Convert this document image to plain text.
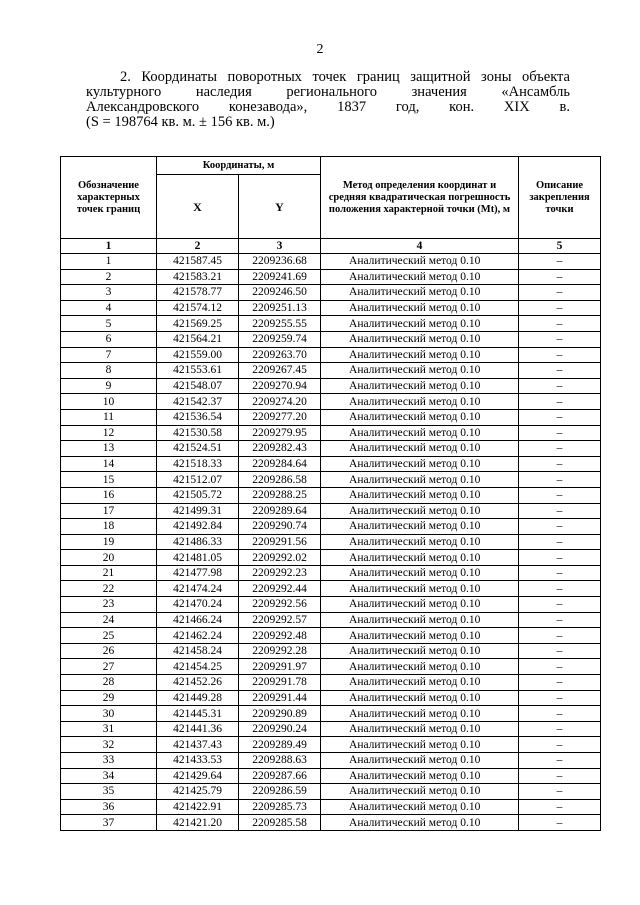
2
2. Координаты поворотных точек границ защитной зоны объекта
культурного наследия регионального значения «Ансамбль
Александровского конезавода», 1837 год, кон. XIX в.
(S = 198764 кв. м. ± 156 кв. м.)
Обозначение характерных точек границ	Координаты, м		Метод определения координат и средняя квадратическая погрешность положения характерной точки (Mt), м	Описание закрепления точки
	X	Y		
1	2	3	4	5
1	421587.45	2209236.68	Аналитический метод 0.10	–
2	421583.21	2209241.69	Аналитический метод 0.10	–
3	421578.77	2209246.50	Аналитический метод 0.10	–
4	421574.12	2209251.13	Аналитический метод 0.10	–
5	421569.25	2209255.55	Аналитический метод 0.10	–
6	421564.21	2209259.74	Аналитический метод 0.10	–
7	421559.00	2209263.70	Аналитический метод 0.10	–
8	421553.61	2209267.45	Аналитический метод 0.10	–
9	421548.07	2209270.94	Аналитический метод 0.10	–
10	421542.37	2209274.20	Аналитический метод 0.10	–
11	421536.54	2209277.20	Аналитический метод 0.10	–
12	421530.58	2209279.95	Аналитический метод 0.10	–
13	421524.51	2209282.43	Аналитический метод 0.10	–
14	421518.33	2209284.64	Аналитический метод 0.10	–
15	421512.07	2209286.58	Аналитический метод 0.10	–
16	421505.72	2209288.25	Аналитический метод 0.10	–
17	421499.31	2209289.64	Аналитический метод 0.10	–
18	421492.84	2209290.74	Аналитический метод 0.10	–
19	421486.33	2209291.56	Аналитический метод 0.10	–
20	421481.05	2209292.02	Аналитический метод 0.10	–
21	421477.98	2209292.23	Аналитический метод 0.10	–
22	421474.24	2209292.44	Аналитический метод 0.10	–
23	421470.24	2209292.56	Аналитический метод 0.10	–
24	421466.24	2209292.57	Аналитический метод 0.10	–
25	421462.24	2209292.48	Аналитический метод 0.10	–
26	421458.24	2209292.28	Аналитический метод 0.10	–
27	421454.25	2209291.97	Аналитический метод 0.10	–
28	421452.26	2209291.78	Аналитический метод 0.10	–
29	421449.28	2209291.44	Аналитический метод 0.10	–
30	421445.31	2209290.89	Аналитический метод 0.10	–
31	421441.36	2209290.24	Аналитический метод 0.10	–
32	421437.43	2209289.49	Аналитический метод 0.10	–
33	421433.53	2209288.63	Аналитический метод 0.10	–
34	421429.64	2209287.66	Аналитический метод 0.10	–
35	421425.79	2209286.59	Аналитический метод 0.10	–
36	421422.91	2209285.73	Аналитический метод 0.10	–
37	421421.20	2209285.58	Аналитический метод 0.10	–
